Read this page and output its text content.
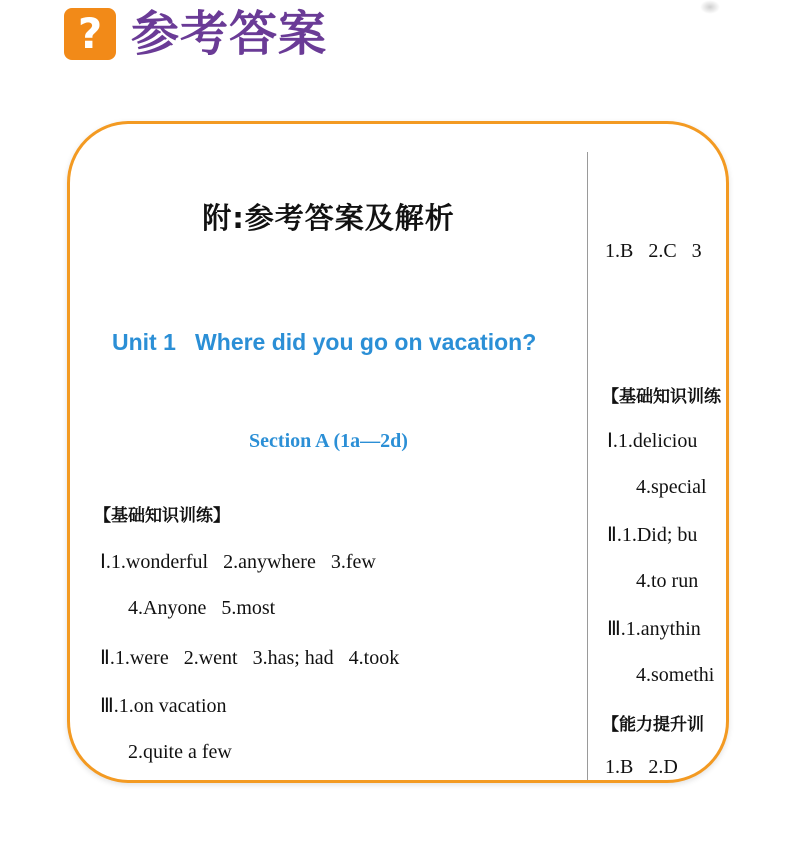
? 参考答案
附:参考答案及解析
Unit 1   Where did you go on vacation?
Section A (1a—2d)
【基础知识训练】
Ⅰ.1.wonderful   2.anywhere   3.few
4.Anyone   5.most
Ⅱ.1.were   2.went   3.has; had   4.took
Ⅲ.1.on vacation
2.quite a few
1.B   2.C   3
【基础知识训练
Ⅰ.1.deliciou
4.special
Ⅱ.1.Did; bu
4.to run
Ⅲ.1.anythin
4.somethi
【能力提升训
1.B   2.D
